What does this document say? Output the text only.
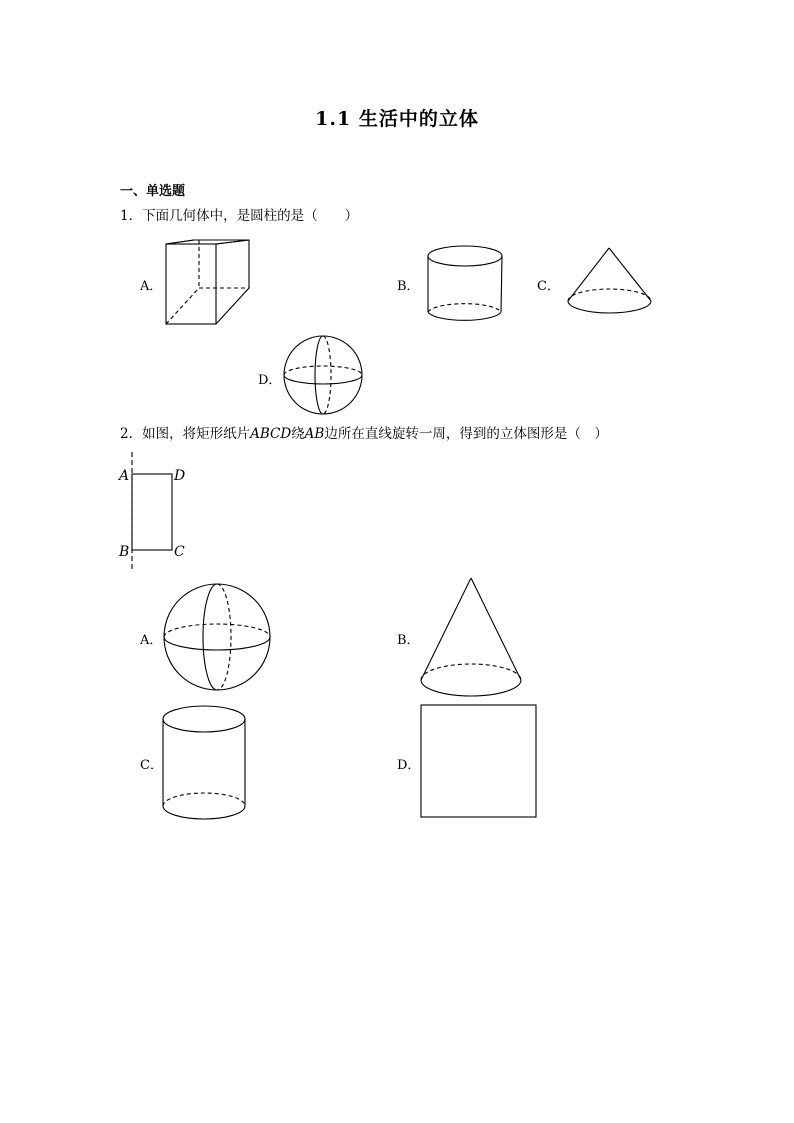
1.1 生活中的立体
一、单选题
1．下面几何体中，是圆柱的是（　　）
A．	B．	C．
D．
2．如图，将矩形纸片ABCD绕AB边所在直线旋转一周，得到的立体图形是（　）
A．	B．
C．	D．
A	D
B	C
